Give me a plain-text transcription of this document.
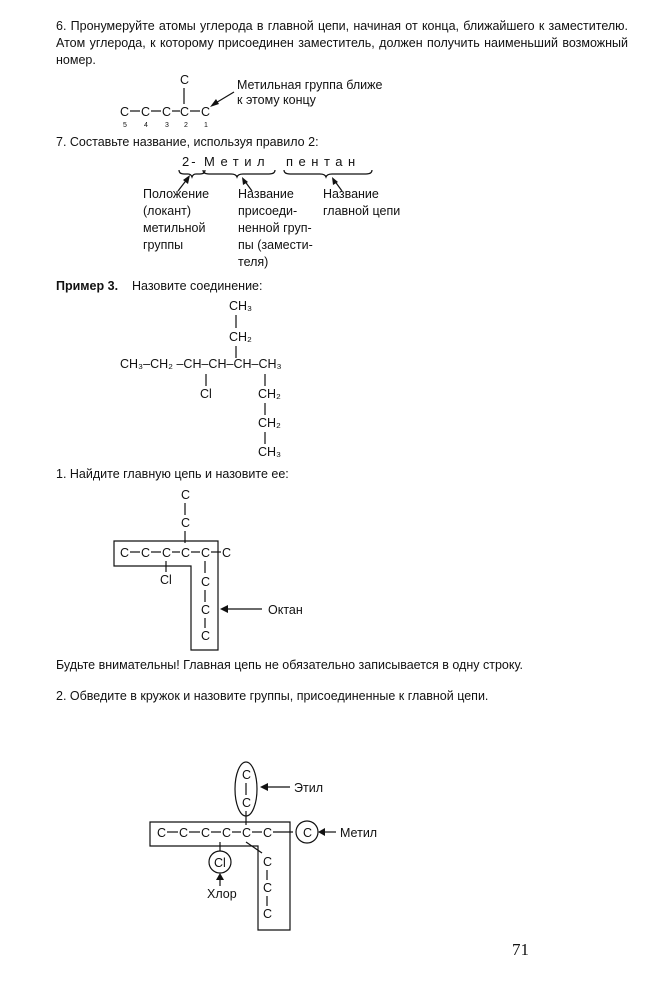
6. Пронумеруйте атомы углерода в главной цепи, начиная от конца, ближайшего к заместителю. Атом углерода, к которому присоединен заместитель, должен получить наименьший возможный номер.

C
C C C C C
5 4 3 2 1
Метильная группа ближе
к этому концу
7. Составьте название, используя правило 2:
2- Метил пентан
Положение
(локант)
метильной
группы
Название
присоеди-
ненной груп-
пы (замести-
теля)
Название
главной цепи
Пример 3. Назовите соединение:
CH₃
CH₂
CH₃–CH₂ –CH–CH–CH–CH₃
Cl	CH₂
CH₂
CH₃
1. Найдите главную цепь и назовите ее:
C
C
C C C C C C
Cl C
C
C
Октан
C
C
Этил
C C C C C C C Метил
Cl
Хлор
C
C
C

Будьте внимательны! Главная цепь не обязательно записывается в одну строку.

2. Обведите в кружок и назовите группы, присоединенные к главной цепи.

71
